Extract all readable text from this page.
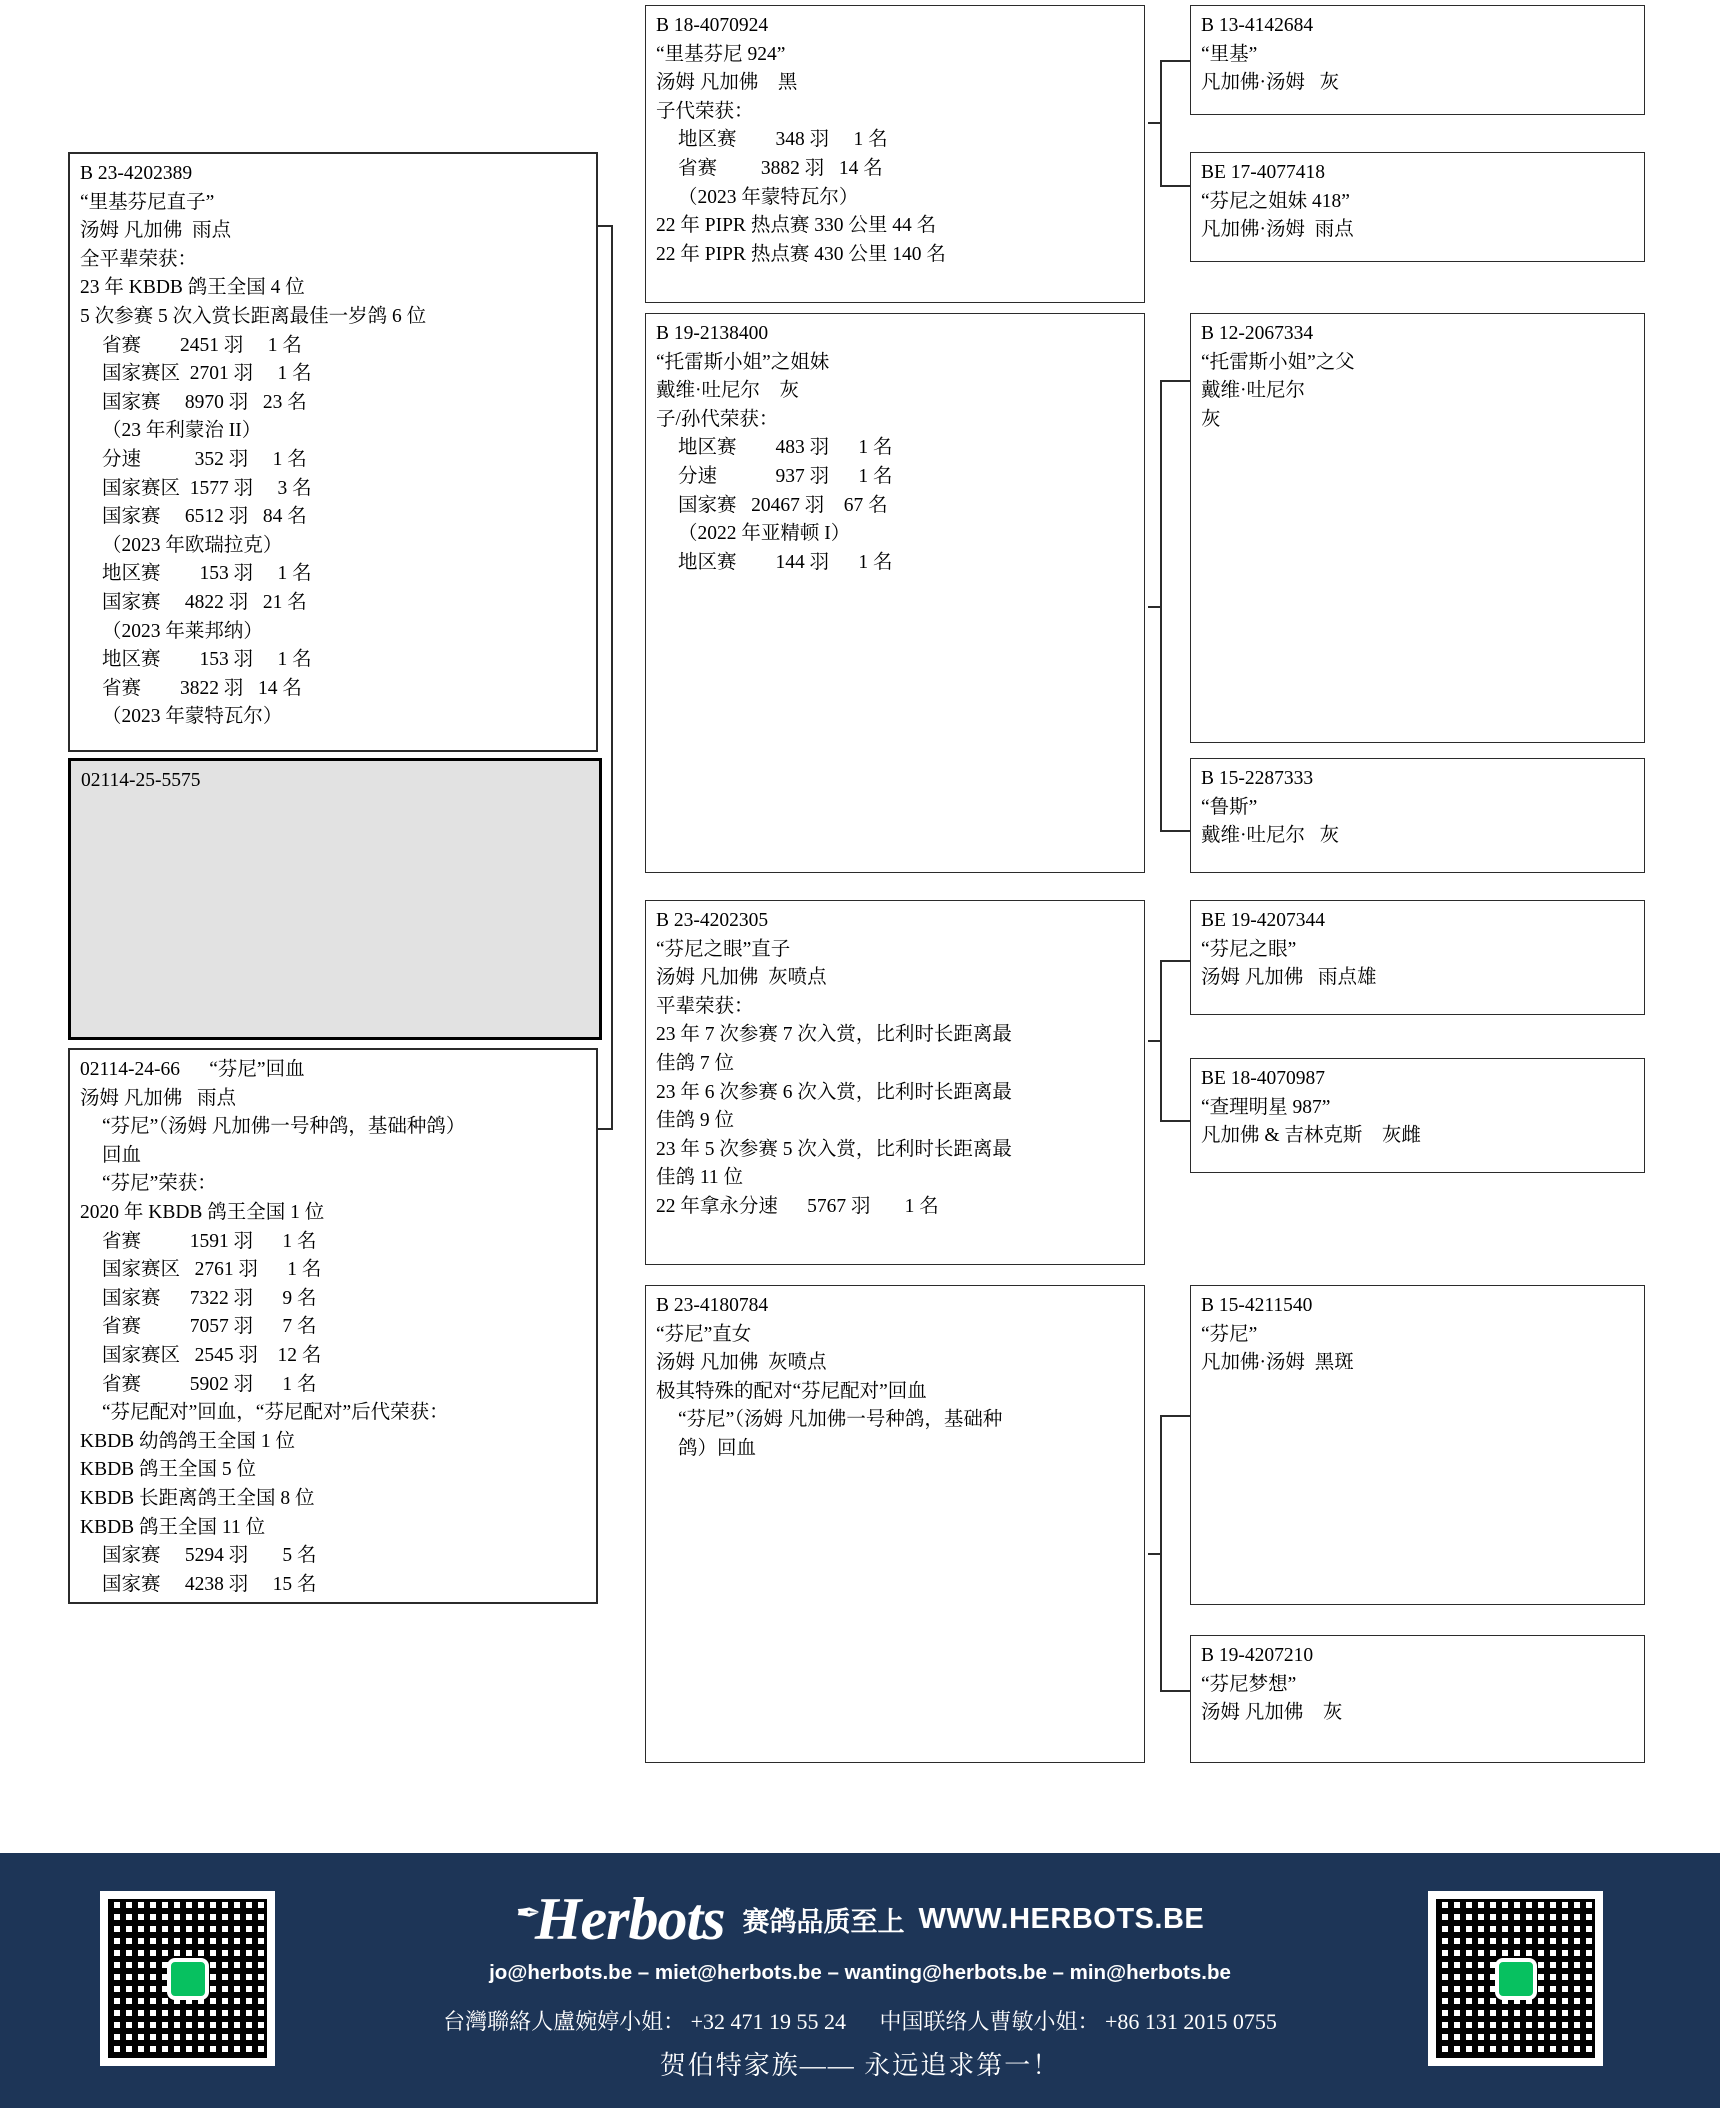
B 23-4202389
“里基芬尼直子”
汤姆 凡加佛  雨点
全平辈荣获：
23 年 KBDB 鸽王全国 4 位
5 次参赛 5 次入赏长距离最佳一岁鸽 6 位
省赛        2451 羽     1 名
国家赛区  2701 羽     1 名
国家赛     8970 羽   23 名
（23 年利蒙治 II）
分速           352 羽     1 名
国家赛区  1577 羽     3 名
国家赛     6512 羽   84 名
（2023 年欧瑞拉克）
地区赛        153 羽     1 名
国家赛     4822 羽   21 名
（2023 年莱邦纳）
地区赛        153 羽     1 名
省赛        3822 羽   14 名
（2023 年蒙特瓦尔）
02114-25-5575
02114-24-66      “芬尼”回血
汤姆 凡加佛   雨点
“芬尼”（汤姆 凡加佛一号种鸽，基础种鸽）
回血
“芬尼”荣获：
2020 年 KBDB 鸽王全国 1 位
省赛          1591 羽      1 名
国家赛区   2761 羽      1 名
国家赛      7322 羽      9 名
省赛          7057 羽      7 名
国家赛区   2545 羽    12 名
省赛          5902 羽      1 名
“芬尼配对”回血，“芬尼配对”后代荣获：
KBDB 幼鸽鸽王全国 1 位
KBDB 鸽王全国 5 位
KBDB 长距离鸽王全国 8 位
KBDB 鸽王全国 11 位
国家赛     5294 羽       5 名
国家赛     4238 羽     15 名
B 18-4070924
“里基芬尼 924”
汤姆 凡加佛    黑
子代荣获：
地区赛        348 羽     1 名
省赛         3882 羽   14 名
（2023 年蒙特瓦尔）
22 年 PIPR 热点赛 330 公里 44 名
22 年 PIPR 热点赛 430 公里 140 名
B 19-2138400
“托雷斯小姐”之姐妹
戴维·吐尼尔    灰
子/孙代荣获：
地区赛        483 羽      1 名
分速            937 羽      1 名
国家赛   20467 羽    67 名
（2022 年亚精顿 I）
地区赛        144 羽      1 名
B 23-4202305
“芬尼之眼”直子
汤姆 凡加佛  灰喷点
平辈荣获：
23 年 7 次参赛 7 次入赏，比利时长距离最
佳鸽 7 位
23 年 6 次参赛 6 次入赏，比利时长距离最
佳鸽 9 位
23 年 5 次参赛 5 次入赏，比利时长距离最
佳鸽 11 位
22 年拿永分速      5767 羽       1 名
B 23-4180784
“芬尼”直女
汤姆 凡加佛  灰喷点
极其特殊的配对“芬尼配对”回血
“芬尼”（汤姆 凡加佛一号种鸽，基础种
鸽）回血
B 13-4142684
“里基”
凡加佛·汤姆   灰
BE 17-4077418
“芬尼之姐妹 418”
凡加佛·汤姆  雨点
B 12-2067334
“托雷斯小姐”之父
戴维·吐尼尔
灰
B 15-2287333
“鲁斯”
戴维·吐尼尔   灰
BE 19-4207344
“芬尼之眼”
汤姆 凡加佛   雨点雄
BE 18-4070987
“查理明星 987”
凡加佛 & 吉林克斯    灰雌
B 15-4211540
“芬尼”
凡加佛·汤姆  黑斑
B 19-4207210
“芬尼梦想”
汤姆 凡加佛    灰
✒Herbots 赛鸽品质至上 WWW.HERBOTS.BE
jo@herbots.be – miet@herbots.be – wanting@herbots.be – min@herbots.be
台灣聯絡人盧婉婷小姐： +32 471 19 55 24 中国联络人曹敏小姐： +86 131 2015 0755
贺伯特家族—— 永远追求第一！
